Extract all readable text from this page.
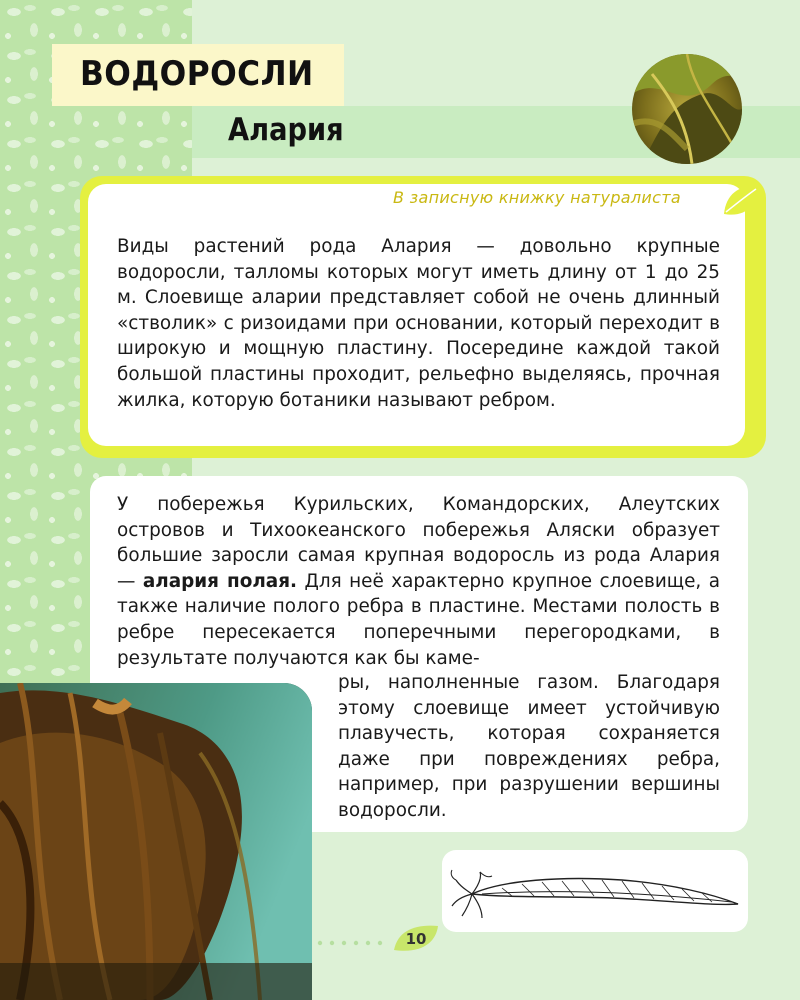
ВОДОРОСЛИ
Алария
В записную книжку натуралиста

Виды растений рода Алария — довольно крупные водоросли, талломы которых могут иметь длину от 1 до 25 м. Слоевище аларии представляет собой не очень длинный «стволик» с ризоидами при основании, который переходит в широкую и мощную пластину. Посередине каждой такой большой пластины проходит, рельефно выделяясь, прочная жилка, которую ботаники называют ребром.

У побережья Курильских, Командорских, Алеутских островов и Тихоокеанского побережья Аляски образует большие заросли самая крупная водоросль из рода Алария — алария полая. Для неё характерно крупное слоевище, а также наличие полого ребра в пластине. Местами полость в ребре пересекается поперечными перегородками, в результате получаются как бы каме-

ры, наполненные газом. Благодаря этому слоевище имеет устойчивую плавучесть, которая сохраняется даже при повреждениях ребра, например, при разрушении вершины водоросли.

10
